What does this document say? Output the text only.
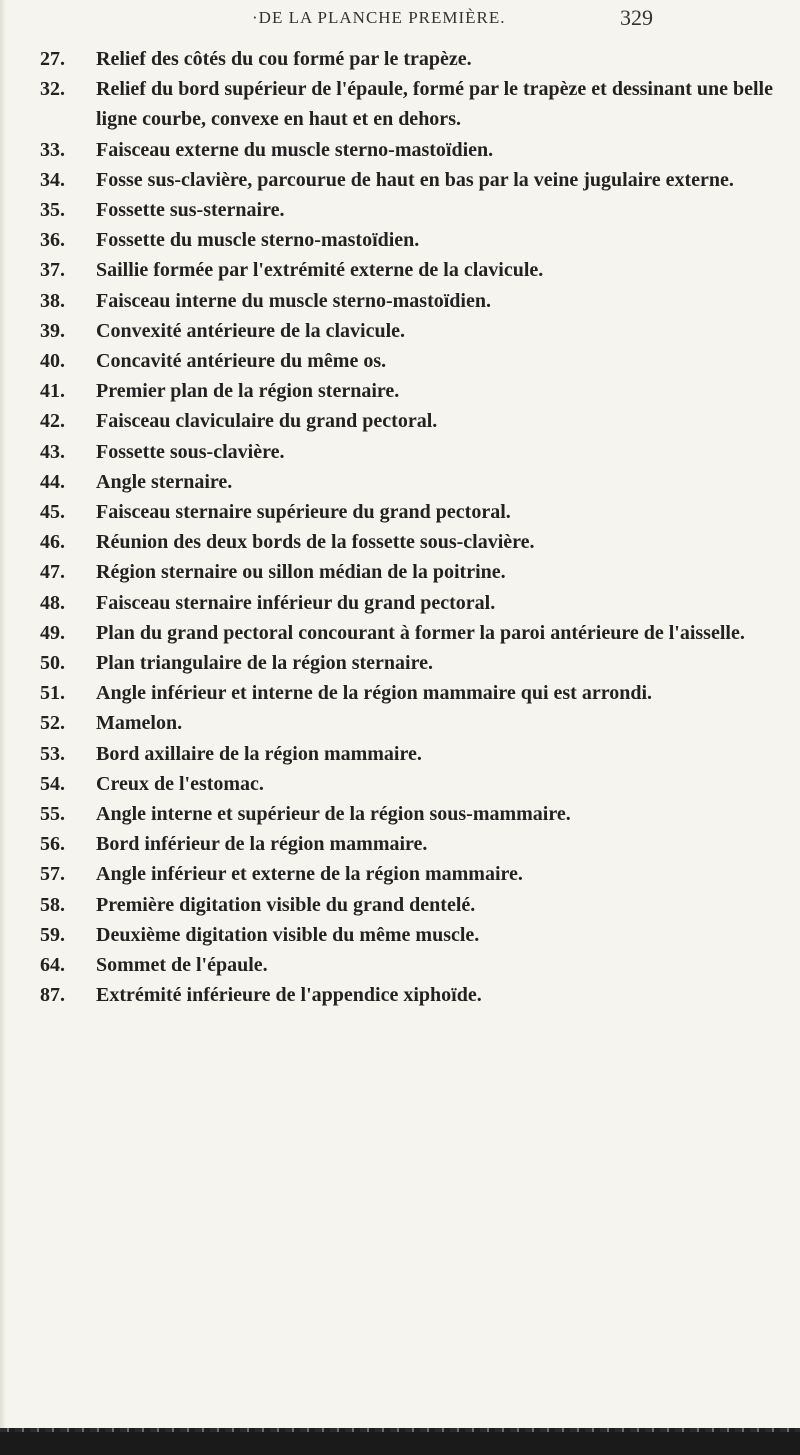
·DE LA PLANCHE PREMIÈRE.	329
27.	Relief des côtés du cou formé par le trapèze.
32.	Relief du bord supérieur de l'épaule, formé par le trapèze et dessinant une belle ligne courbe, convexe en haut et en dehors.
33.	Faisceau externe du muscle sterno-mastoïdien.
34.	Fosse sus-clavière, parcourue de haut en bas par la veine jugulaire externe.
35.	Fossette sus-sternaire.
36.	Fossette du muscle sterno-mastoïdien.
37.	Saillie formée par l'extrémité externe de la clavicule.
38.	Faisceau interne du muscle sterno-mastoïdien.
39.	Convexité antérieure de la clavicule.
40.	Concavité antérieure du même os.
41.	Premier plan de la région sternaire.
42.	Faisceau claviculaire du grand pectoral.
43.	Fossette sous-clavière.
44.	Angle sternaire.
45.	Faisceau sternaire supérieure du grand pectoral.
46.	Réunion des deux bords de la fossette sous-clavière.
47.	Région sternaire ou sillon médian de la poitrine.
48.	Faisceau sternaire inférieur du grand pectoral.
49.	Plan du grand pectoral concourant à former la paroi antérieure de l'aisselle.
50.	Plan triangulaire de la région sternaire.
51.	Angle inférieur et interne de la région mammaire qui est arrondi.
52.	Mamelon.
53.	Bord axillaire de la région mammaire.
54.	Creux de l'estomac.
55.	Angle interne et supérieur de la région sous-mammaire.
56.	Bord inférieur de la région mammaire.
57.	Angle inférieur et externe de la région mammaire.
58.	Première digitation visible du grand dentelé.
59.	Deuxième digitation visible du même muscle.
64.	Sommet de l'épaule.
87.	Extrémité inférieure de l'appendice xiphoïde.
